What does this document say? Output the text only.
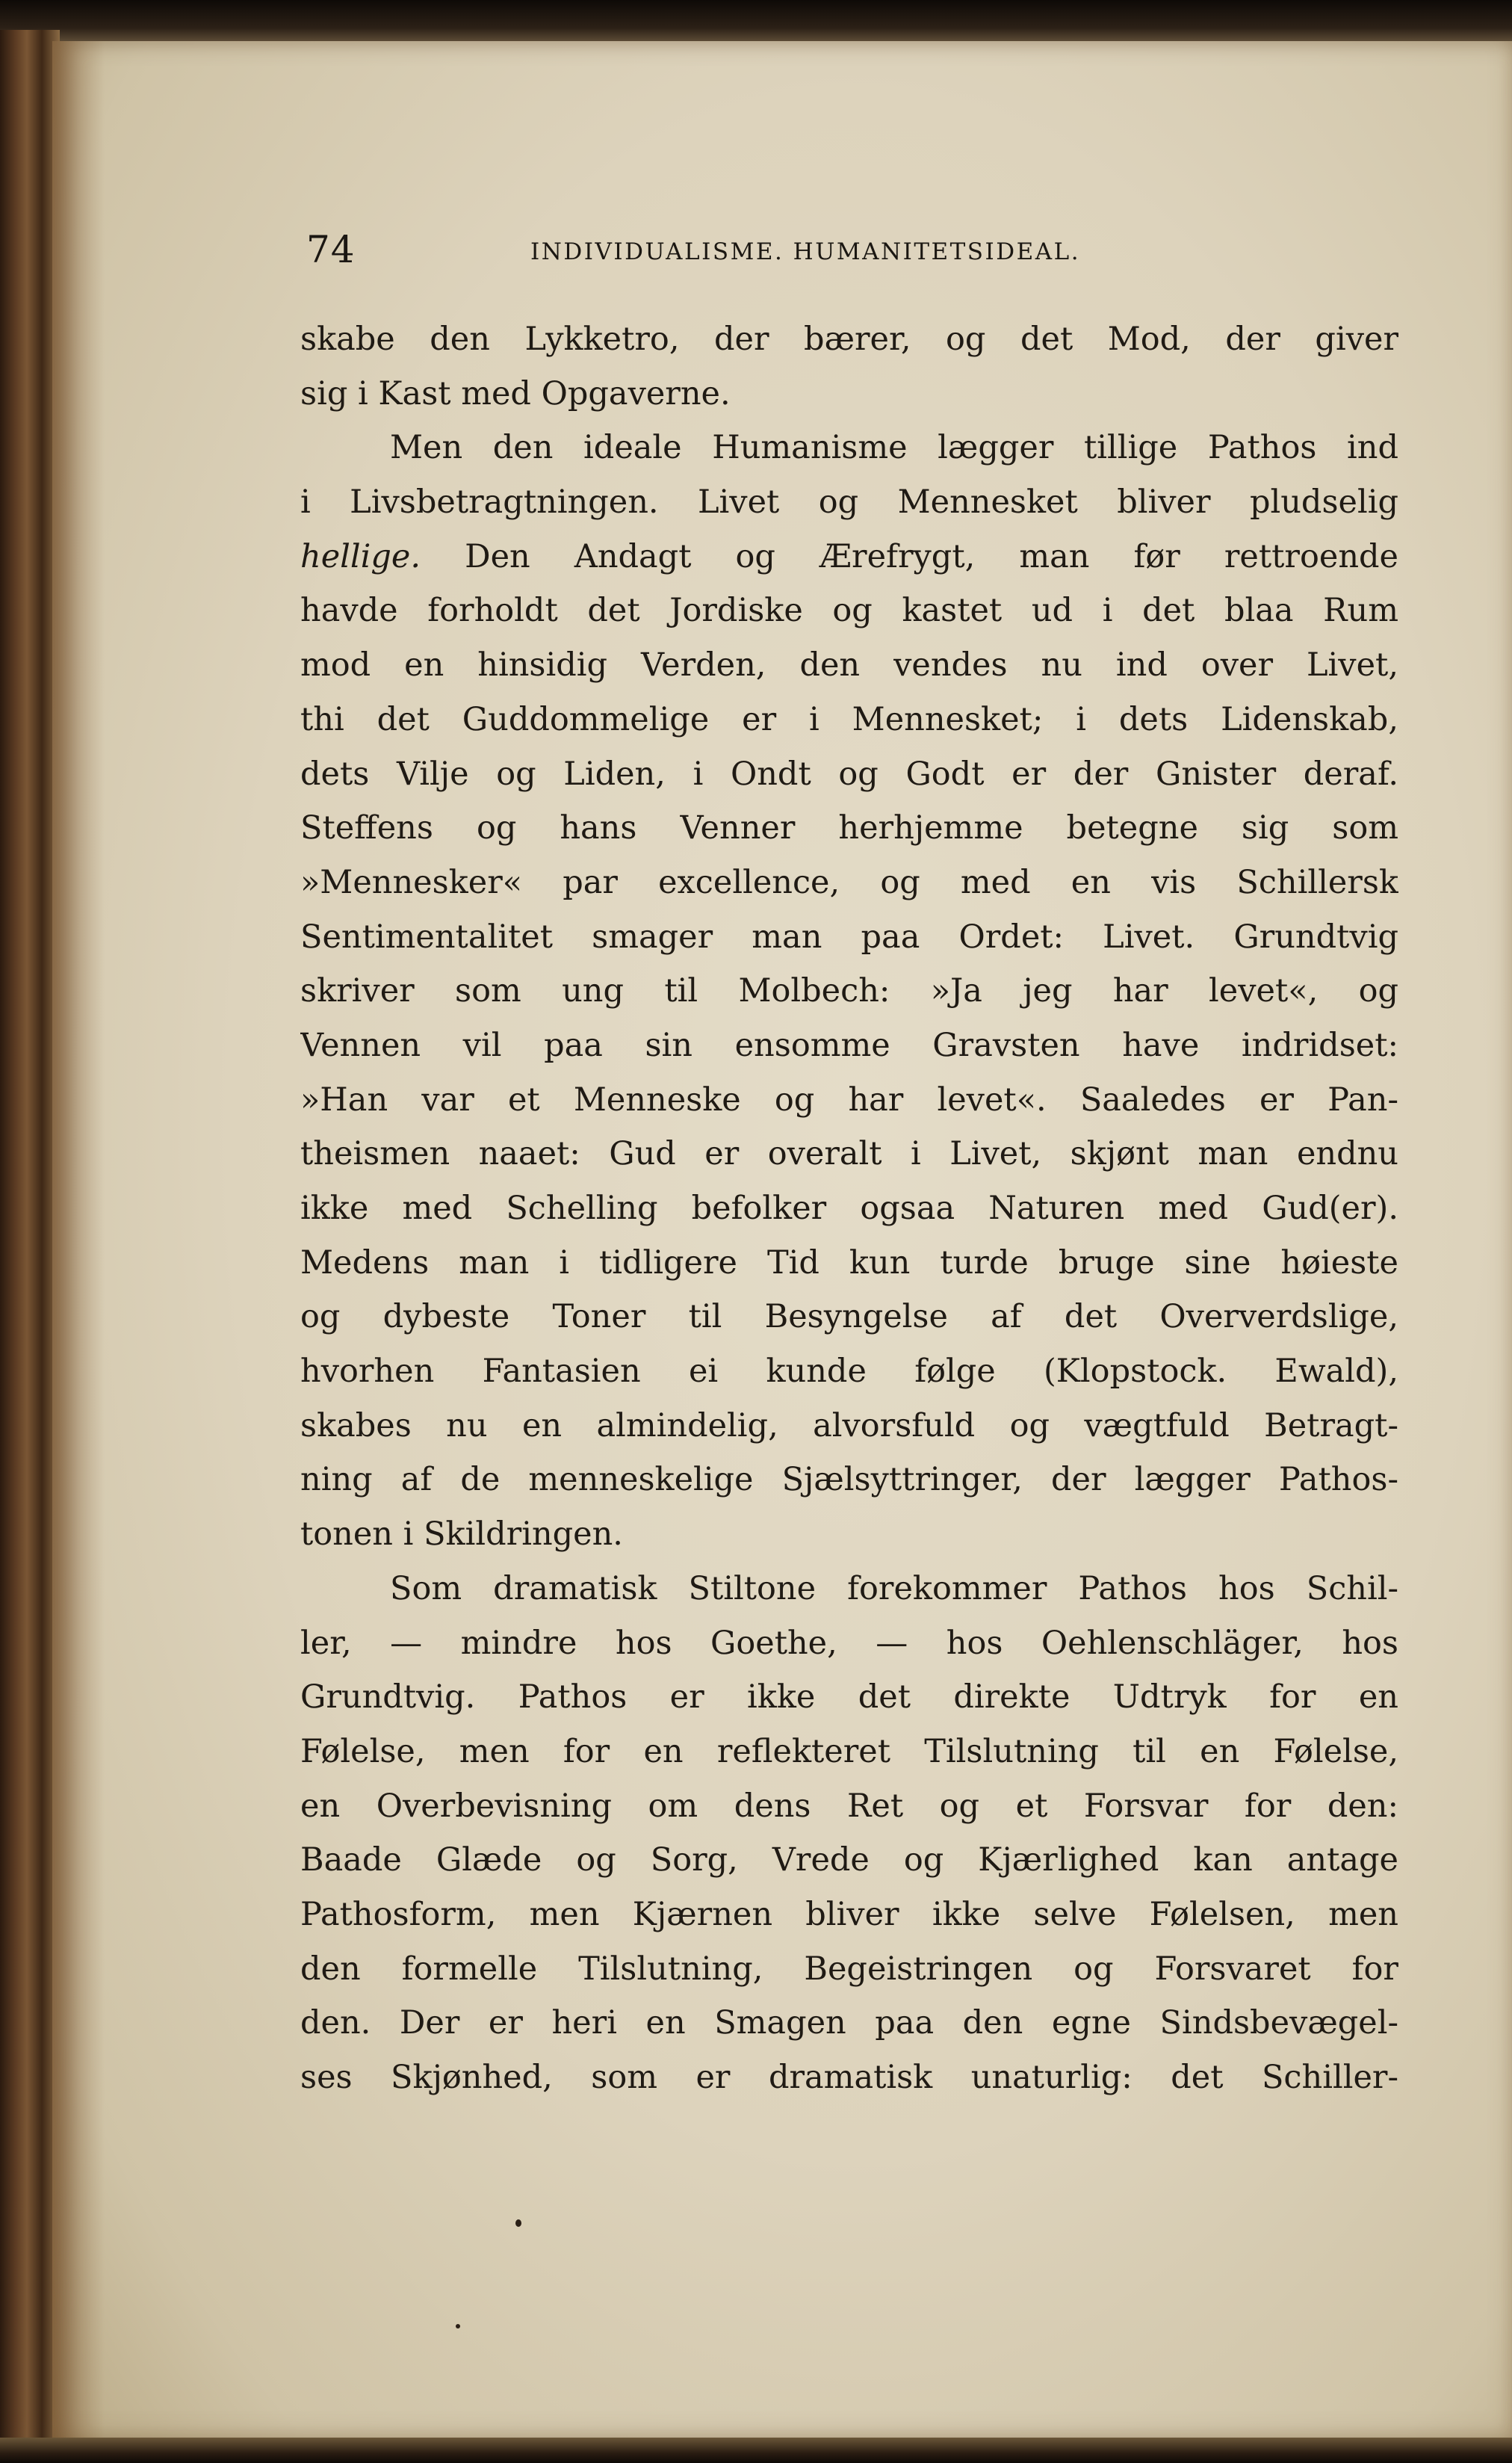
74	INDIVIDUALISME. HUMANITETSIDEAL.
skabe den Lykketro, der bærer, og det Mod, der giver
sig i Kast med Opgaverne.
Men den ideale Humanisme lægger tillige Pathos ind
i Livsbetragtningen. Livet og Mennesket bliver pludselig
hellige. Den Andagt og Ærefrygt, man før rettroende
havde forholdt det Jordiske og kastet ud i det blaa Rum
mod en hinsidig Verden, den vendes nu ind over Livet,
thi det Guddommelige er i Mennesket; i dets Lidenskab,
dets Vilje og Liden, i Ondt og Godt er der Gnister deraf.
Steffens og hans Venner herhjemme betegne sig som
»Mennesker« par excellence, og med en vis Schillersk
Sentimentalitet smager man paa Ordet: Livet. Grundtvig
skriver som ung til Molbech: »Ja jeg har levet«, og
Vennen vil paa sin ensomme Gravsten have indridset:
»Han var et Menneske og har levet«. Saaledes er Pan-
theismen naaet: Gud er overalt i Livet, skjønt man endnu
ikke med Schelling befolker ogsaa Naturen med Gud(er).
Medens man i tidligere Tid kun turde bruge sine høieste
og dybeste Toner til Besyngelse af det Oververdslige,
hvorhen Fantasien ei kunde følge (Klopstock. Ewald),
skabes nu en almindelig, alvorsfuld og vægtfuld Betragt-
ning af de menneskelige Sjælsyttringer, der lægger Pathos-
tonen i Skildringen.
Som dramatisk Stiltone forekommer Pathos hos Schil-
ler, — mindre hos Goethe, — hos Oehlenschläger, hos
Grundtvig. Pathos er ikke det direkte Udtryk for en
Følelse, men for en reflekteret Tilslutning til en Følelse,
en Overbevisning om dens Ret og et Forsvar for den:
Baade Glæde og Sorg, Vrede og Kjærlighed kan antage
Pathosform, men Kjærnen bliver ikke selve Følelsen, men
den formelle Tilslutning, Begeistringen og Forsvaret for
den. Der er heri en Smagen paa den egne Sindsbevægel-
ses Skjønhed, som er dramatisk unaturlig: det Schiller-
